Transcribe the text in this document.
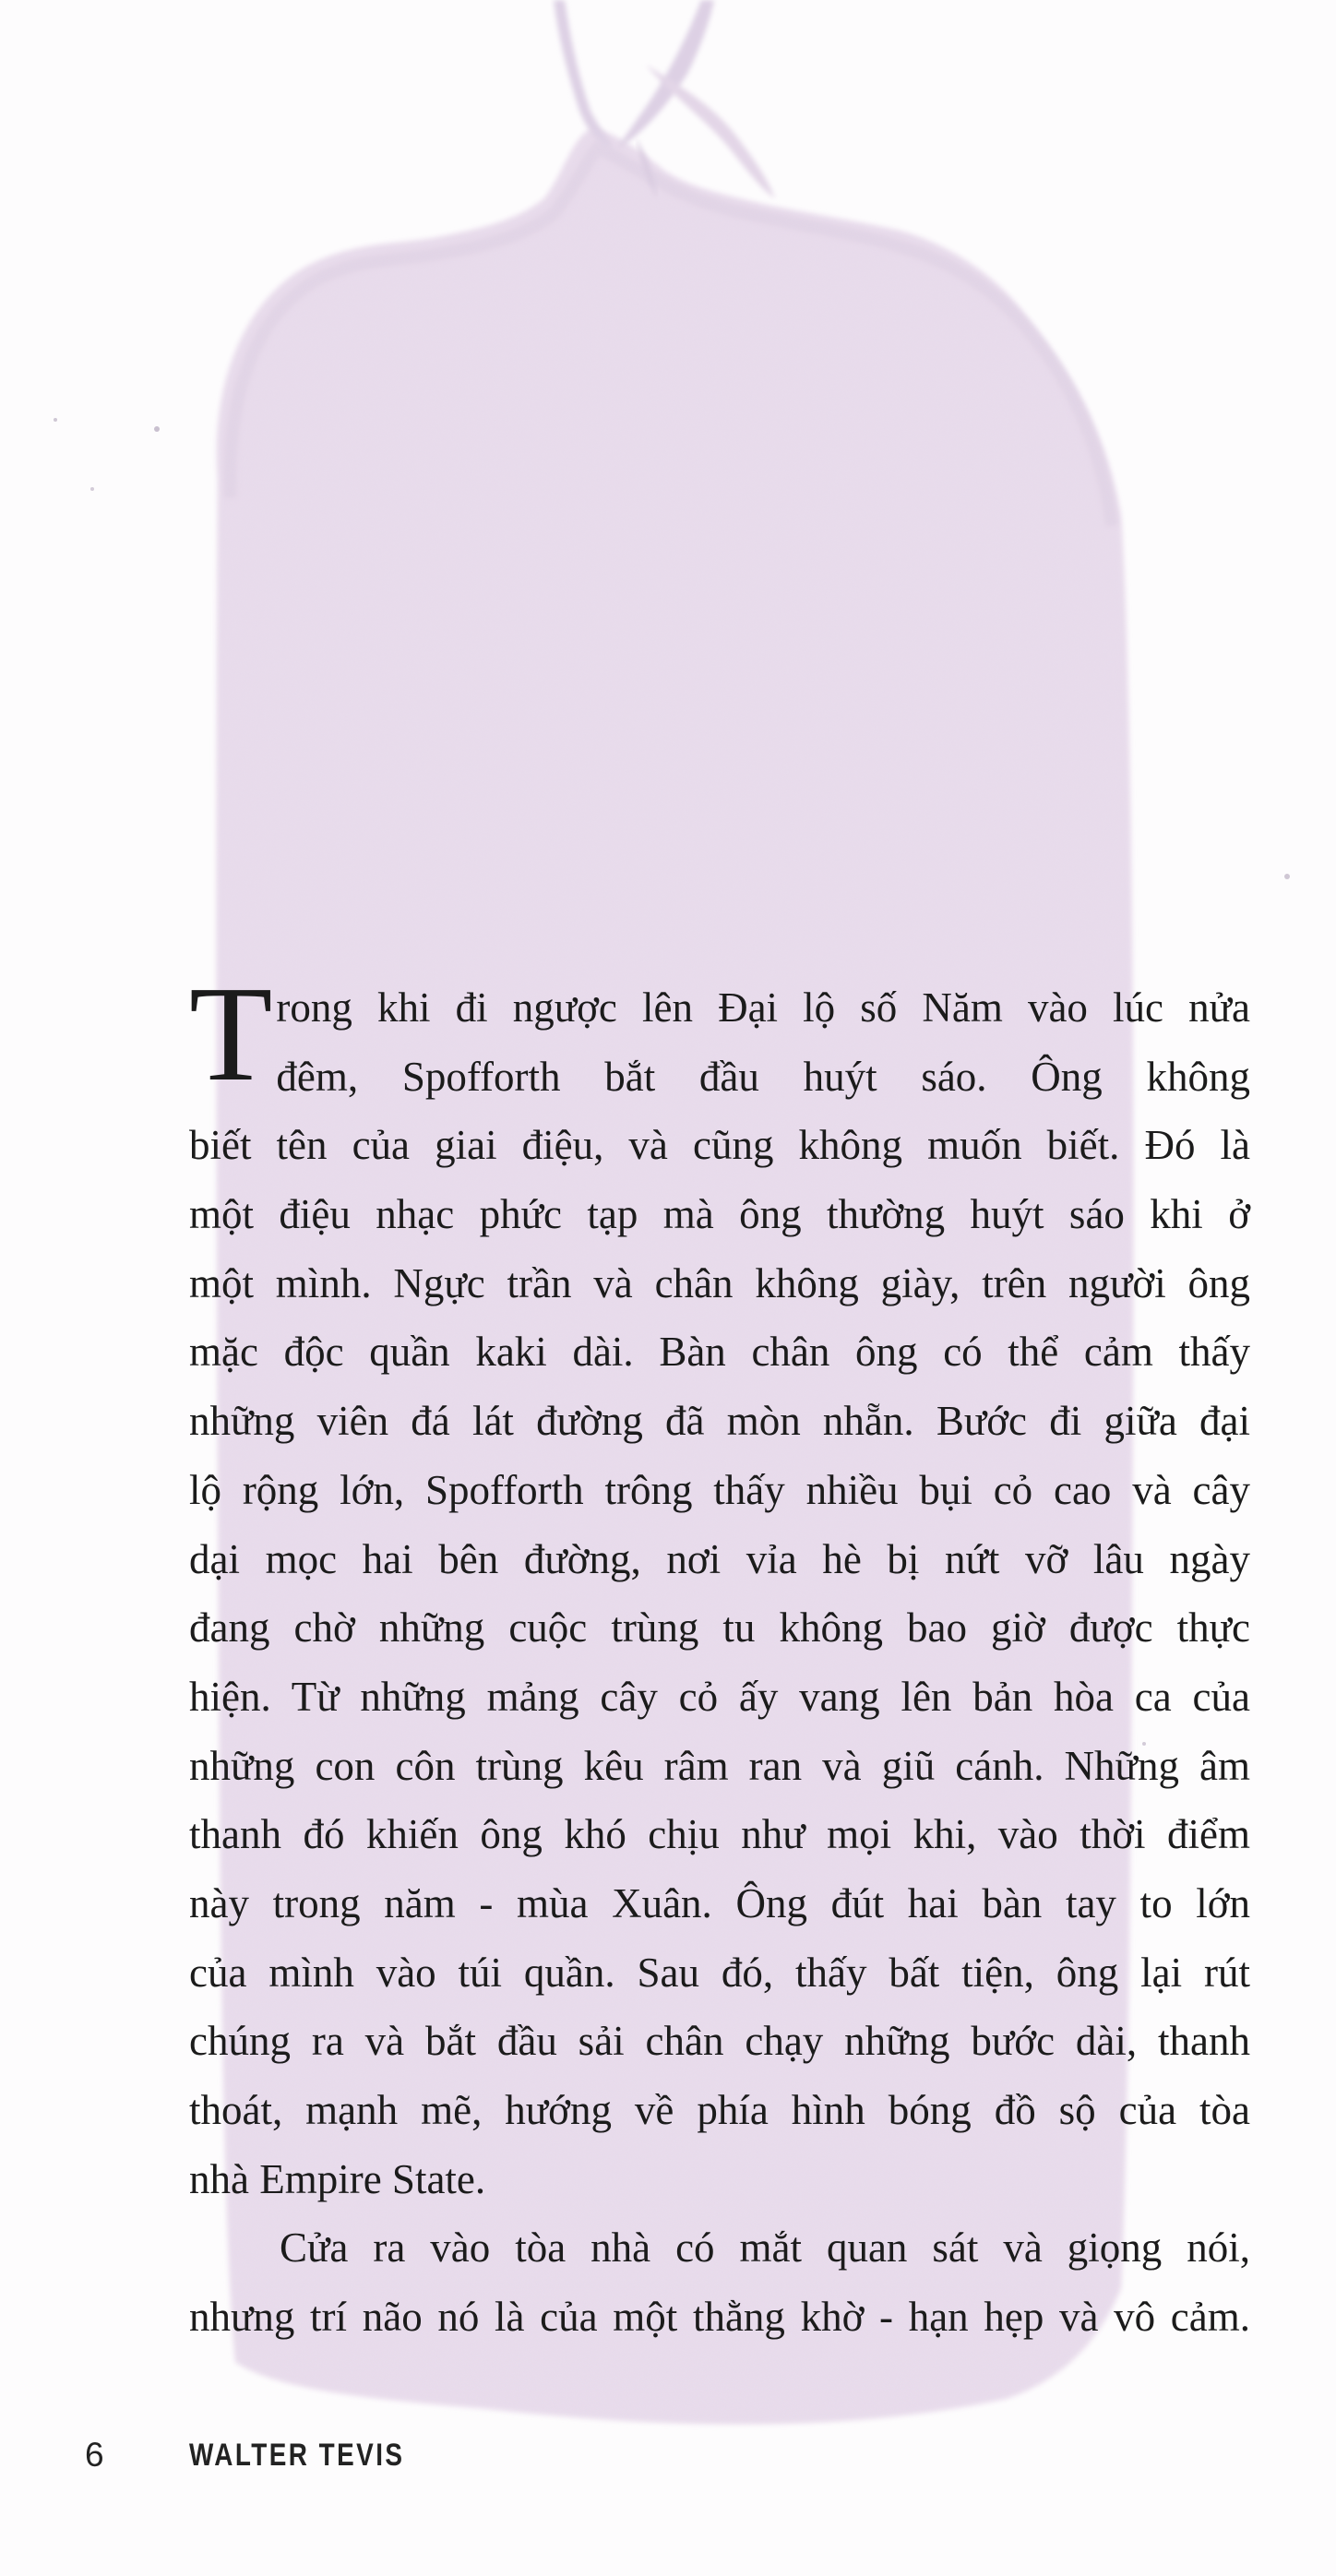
T rong khi đi ngược lên Đại lộ số Năm vào lúc nửa
đêm, Spofforth bắt đầu huýt sáo. Ông không
biết tên của giai điệu, và cũng không muốn biết. Đó là
một điệu nhạc phức tạp mà ông thường huýt sáo khi ở
một mình. Ngực trần và chân không giày, trên người ông
mặc độc quần kaki dài. Bàn chân ông có thể cảm thấy
những viên đá lát đường đã mòn nhẵn. Bước đi giữa đại
lộ rộng lớn, Spofforth trông thấy nhiều bụi cỏ cao và cây
dại mọc hai bên đường, nơi vỉa hè bị nứt vỡ lâu ngày
đang chờ những cuộc trùng tu không bao giờ được thực
hiện. Từ những mảng cây cỏ ấy vang lên bản hòa ca của
những con côn trùng kêu râm ran và giũ cánh. Những âm
thanh đó khiến ông khó chịu như mọi khi, vào thời điểm
này trong năm - mùa Xuân. Ông đút hai bàn tay to lớn
của mình vào túi quần. Sau đó, thấy bất tiện, ông lại rút
chúng ra và bắt đầu sải chân chạy những bước dài, thanh
thoát, mạnh mẽ, hướng về phía hình bóng đồ sộ của tòa
nhà Empire State.
Cửa ra vào tòa nhà có mắt quan sát và giọng nói,
nhưng trí não nó là của một thằng khờ - hạn hẹp và vô cảm.
6	WALTER TEVIS
